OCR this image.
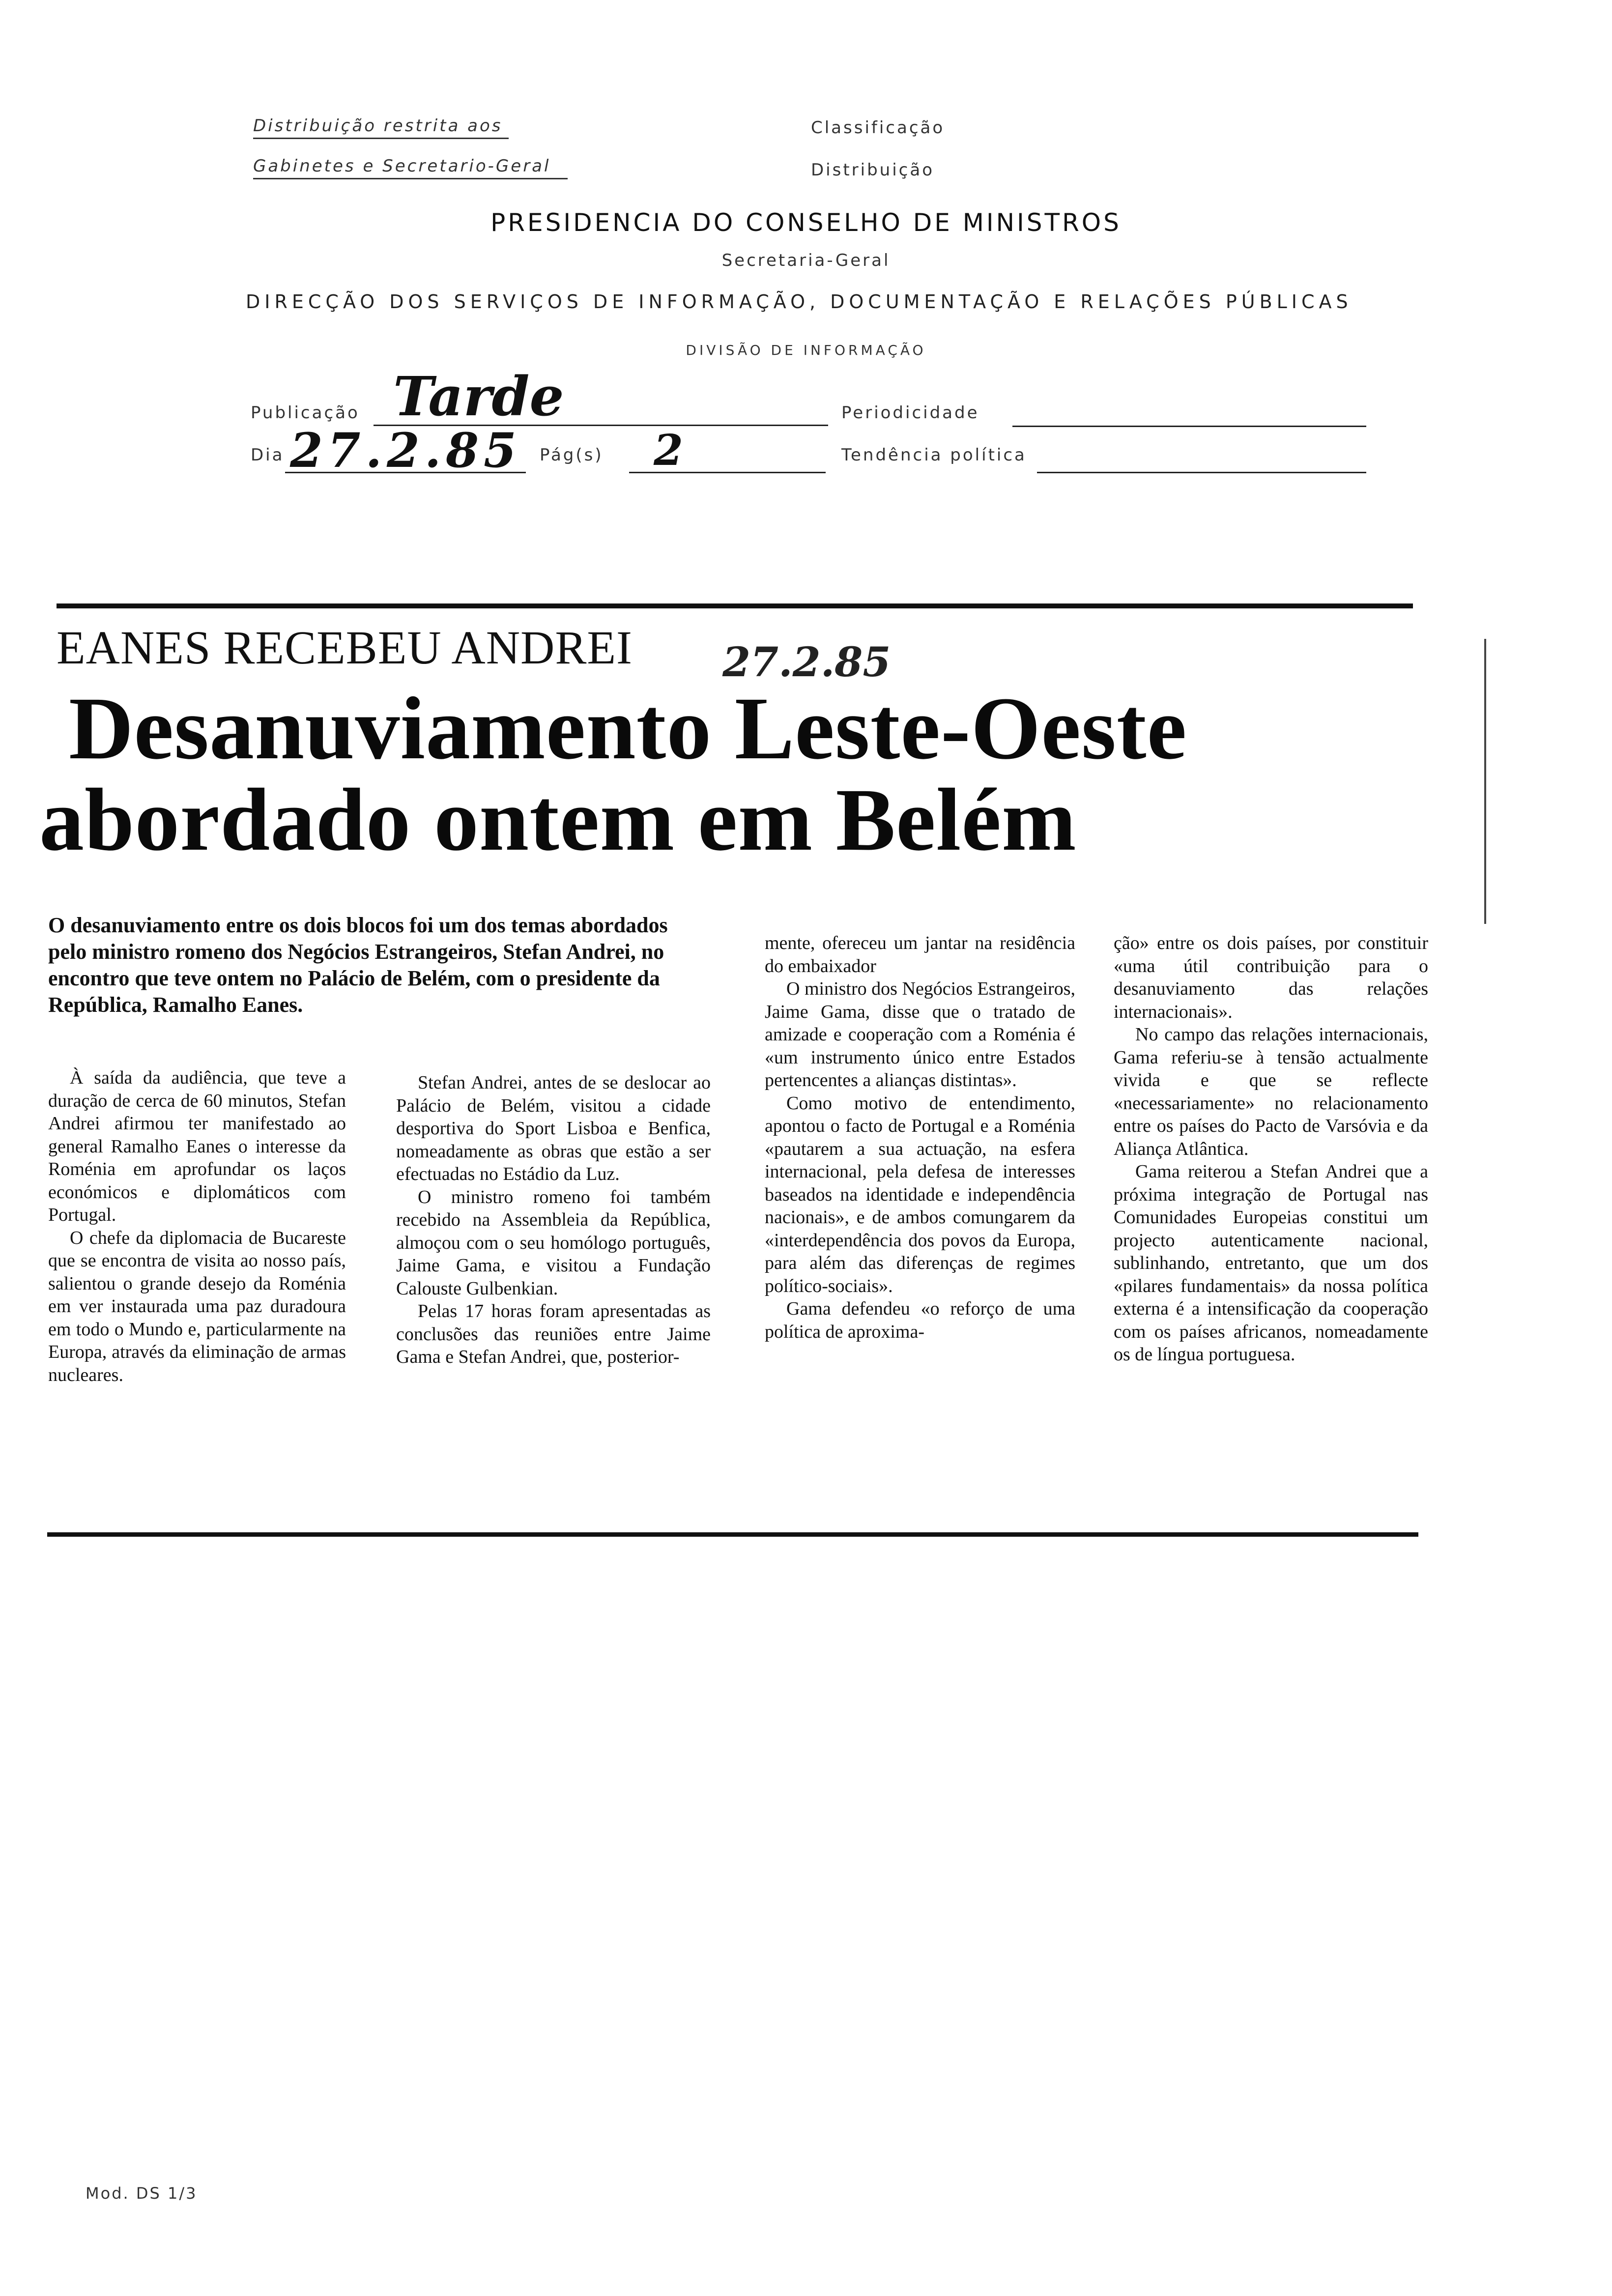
Distribuição restrita aos
Gabinetes e Secretario-Geral
Classificação
Distribuição
PRESIDENCIA DO CONSELHO DE MINISTROS
Secretaria-Geral
DIRECÇÃO DOS SERVIÇOS DE INFORMAÇÃO, DOCUMENTAÇÃO E RELAÇÕES PÚBLICAS
DIVISÃO DE INFORMAÇÃO
Publicação Tarde	Periodicidade
Dia 27.2.85 Pág(s) 2	Tendência política
EANES RECEBEU ANDREI 27.2.85
Desanuviamento Leste-Oeste
abordado ontem em Belém
O desanuviamento entre os dois blocos foi um dos temas abordados pelo ministro romeno dos Negócios Estrangeiros, Stefan Andrei, no encontro que teve ontem no Palácio de Belém, com o presidente da República, Ramalho Eanes.

À saída da audiência, que teve a duração de cerca de 60 minutos, Stefan Andrei afirmou ter manifestado ao general Ramalho Eanes o interesse da Roménia em aprofundar os laços económicos e diplomáticos com Portugal.

O chefe da diplomacia de Bucareste que se encontra de visita ao nosso país, salientou o grande desejo da Roménia em ver instaurada uma paz duradoura em todo o Mundo e, particularmente na Europa, através da eliminação de armas nucleares.

Stefan Andrei, antes de se deslocar ao Palácio de Belém, visitou a cidade desportiva do Sport Lisboa e Benfica, nomeadamente as obras que estão a ser efectuadas no Estádio da Luz.

O ministro romeno foi também recebido na Assembleia da República, almoçou com o seu homólogo português, Jaime Gama, e visitou a Fundação Calouste Gulbenkian.

Pelas 17 horas foram apresentadas as conclusões das reuniões entre Jaime Gama e Stefan Andrei, que, posterior-

mente, ofereceu um jantar na residência do embaixador

O ministro dos Negócios Estrangeiros, Jaime Gama, disse que o tratado de amizade e cooperação com a Roménia é «um instrumento único entre Estados pertencentes a alianças distintas».

Como motivo de entendimento, apontou o facto de Portugal e a Roménia «pautarem a sua actuação, na esfera internacional, pela defesa de interesses baseados na identidade e independência nacionais», e de ambos comungarem da «interdependência dos povos da Europa, para além das diferenças de regimes político-sociais».

Gama defendeu «o reforço de uma política de aproxima-

ção» entre os dois países, por constituir «uma útil contribuição para o desanuviamento das relações internacionais».

No campo das relações internacionais, Gama referiu-se à tensão actualmente vivida e que se reflecte «necessariamente» no relacionamento entre os países do Pacto de Varsóvia e da Aliança Atlântica.

Gama reiterou a Stefan Andrei que a próxima integração de Portugal nas Comunidades Europeias constitui um projecto autenticamente nacional, sublinhando, entretanto, que um dos «pilares fundamentais» da nossa política externa é a intensificação da cooperação com os países africanos, nomeadamente os de língua portuguesa.

Mod. DS 1/3
